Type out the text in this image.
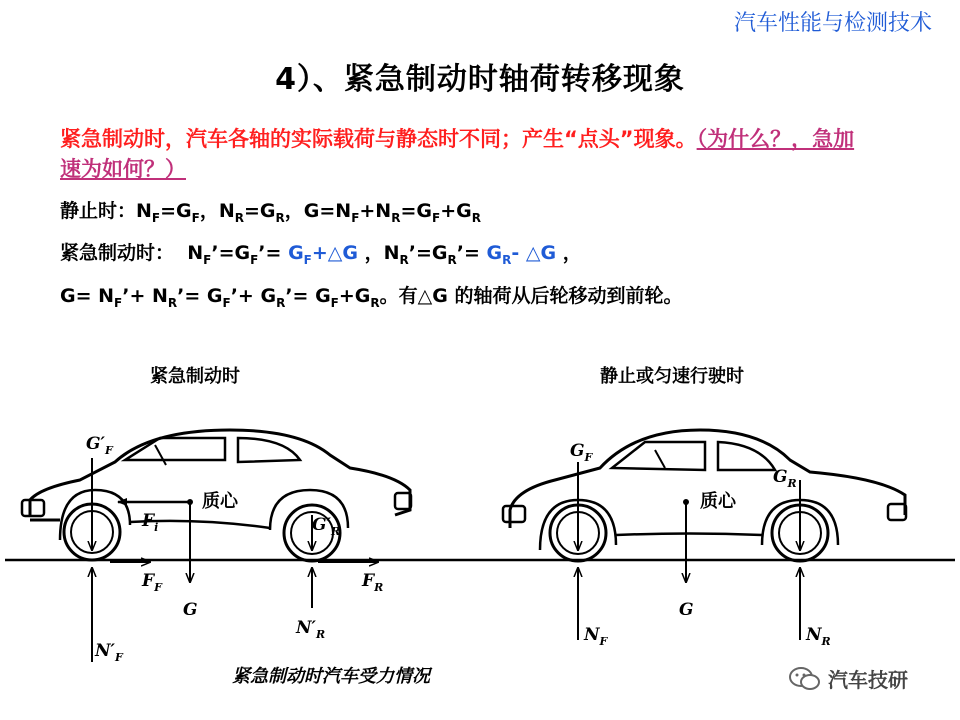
汽车性能与检测技术
4）、紧急制动时轴荷转移现象
紧急制动时，汽车各轴的实际载荷与静态时不同；产生“点头”现象。（为什么？，急加速为如何？）
静止时：$N_F=G_F$，$N_R=G_R$，$G=N_F+N_R=G_F+G_R$
紧急制动时：  $N_F’=G_F’=$ $G_F+\triangle G$ ，$N_R’=G_R’= G_R-$ △G ，
$G= N_F’+$ $N_R’=$ $G_F’+$ $G_R’= G_F+G_R$。有△G 的轴荷从后轮移动到前轮。
紧急制动时	静止或匀速行驶时
质心
$G'_F$
$F_i$	$G'_R$
$F_F$	$F_R$
G
$N'_R$
$N'_F$
质心
$G_F$
$G_R$
G
$N_F$	$N_R$
紧急制动时汽车受力情况	汽车技研
